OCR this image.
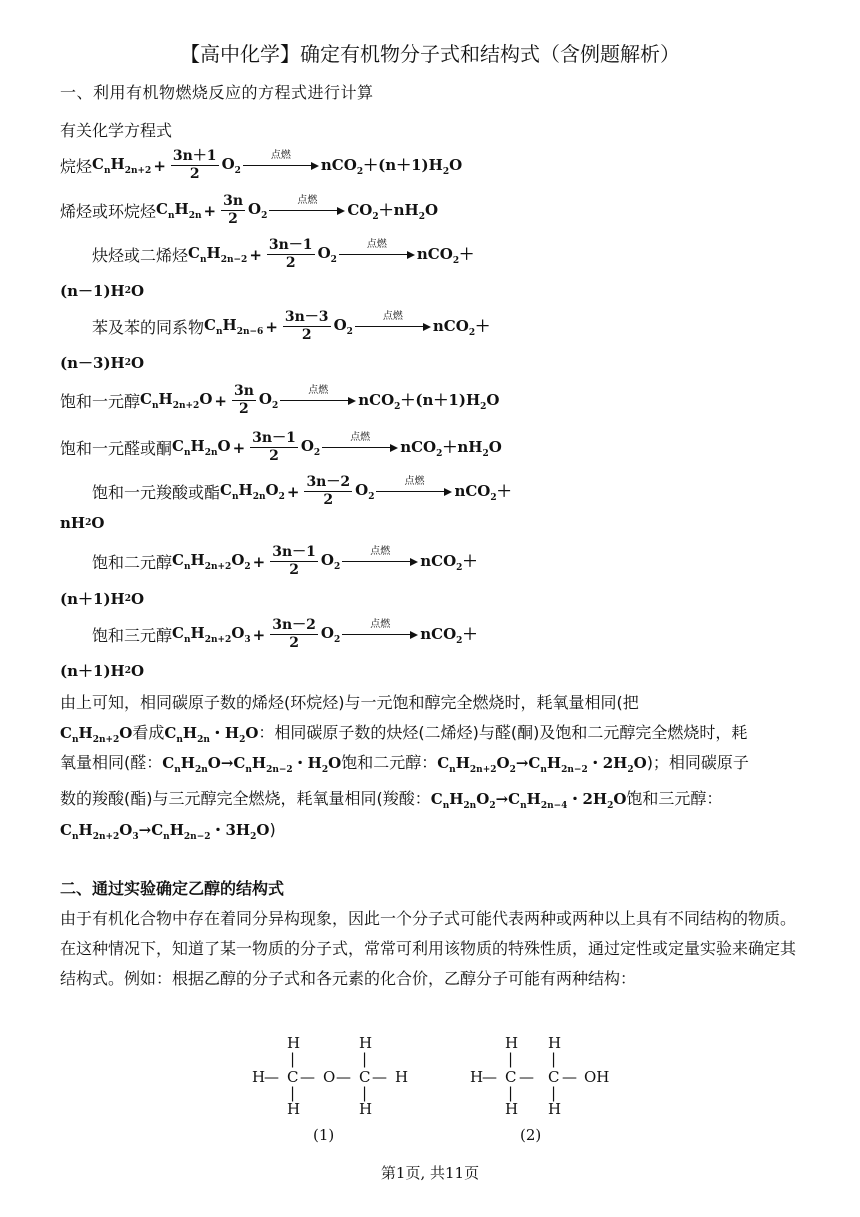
【高中化学】确定有机物分子式和结构式（含例题解析）
一、利用有机物燃烧反应的方程式进行计算
有关化学方程式
烷烃 $C_nH_{2n+2} + \frac{3n+1}{2} O_2$
点燃
$nCO_2+(n+1)H_2O$
烯烃或环烷烃 $C_nH_{2n} + \frac{3n}{2} O_2$
点燃
$CO_2+nH_2O$
炔烃或二烯烃 $C_nH_{2n-2} + \frac{3n-1}{2} O_2$
点燃
nCO$_2$＋
(n－1)H 2 O
苯及苯的同系物 $C_nH_{2n-6} + \frac{3n-3}{2} O_2$
点燃
nCO$_2$＋
(n－3)H 2 O
饱和一元醇 $C_nH_{2n+2}O + \frac{3n}{2} O_2$
点燃
$nCO_2+(n+1)H_2O$
饱和一元醛或酮 $C_nH_{2n}O + \frac{3n-1}{2} O_2$
点燃
$nCO_2+nH_2O$
饱和一元羧酸或酯 $C_nH_{2n}O_2 + \frac{3n-2}{2} O_2$
点燃
nCO$_2$＋
nH 2 O
饱和二元醇 $C_nH_{2n+2}O_2 + \frac{3n-1}{2} O_2$
点燃
nCO$_2$＋
(n＋1)H 2 O
饱和三元醇 $C_nH_{2n+2}O_3 + \frac{3n-2}{2} O_2$
点燃
nCO$_2$＋
(n＋1)H 2 O
由上可知，相同碳原子数的烯烃(环烷烃)与一元饱和醇完全燃烧时，耗氧量相同(把
$C_nH_{2n+2}O$看成$C_nH_{2n}$・$H_2O$：相同碳原子数的炔烃(二烯烃)与醛(酮)及饱和二元醇完全燃烧时，耗
氧量相同(醛：$C_nH_{2n}O\to C_nH_{2n-2}$・$H_2O$饱和二元醇：$C_nH_{2n+2}O_2\to C_nH_{2n-2}$・$2H_2O$)；相同碳原子
数的羧酸(酯)与三元醇完全燃烧，耗氧量相同(羧酸：$C_nH_{2n}O_2\to C_nH_{2n-4}$・$2H_2O$饱和三元醇：
$C_nH_{2n+2}O_3\to C_nH_{2n-2}$・$3H_2O$)
二、通过实验确定乙醇的结构式
由于有机化合物中存在着同分异构现象，因此一个分子式可能代表两种或两种以上具有不同结构的物质。在这种情况下，知道了某一物质的分子式，常常可利用该物质的特殊性质，通过定性或定量实验来确定其结构式。例如：根据乙醇的分子式和各元素的化合价，乙醇分子可能有两种结构：
H
|
H
|
H
— C — O — C — H
|
H
|
H
(1)
H
|
H
|
H
— C — C — OH
|
H
|
H
(2)
第1页, 共11页
